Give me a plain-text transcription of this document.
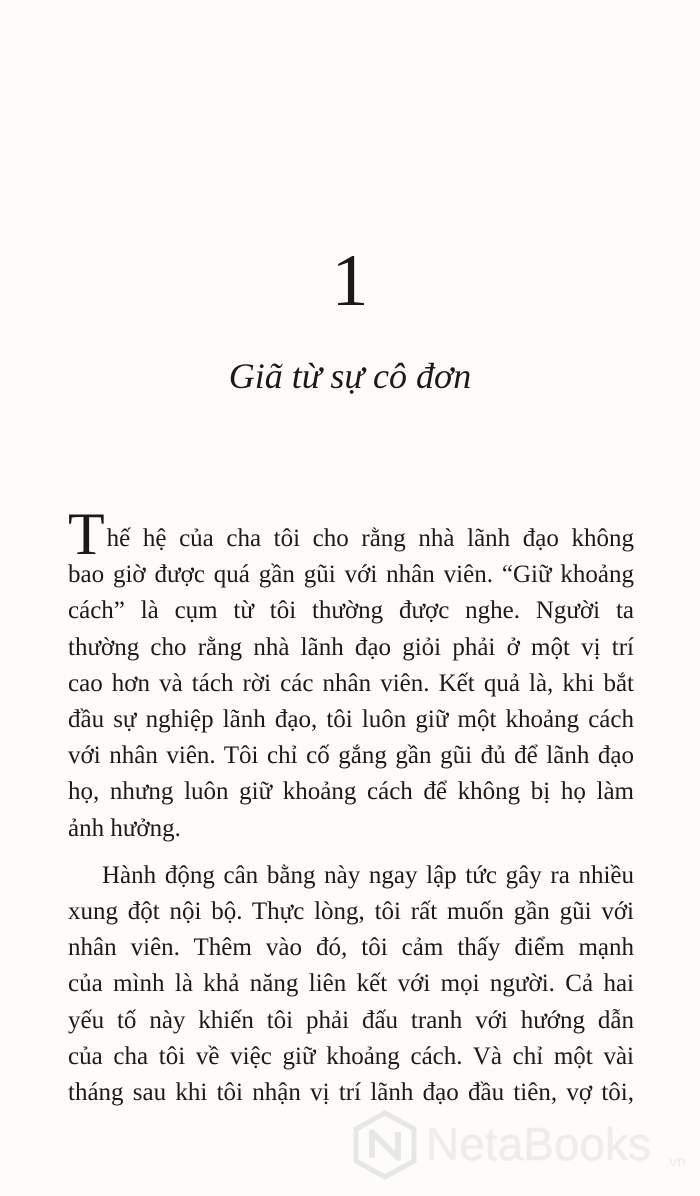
1
Giã từ sự cô đơn
Thế hệ của cha tôi cho rằng nhà lãnh đạo không
bao giờ được quá gần gũi với nhân viên. “Giữ khoảng
cách” là cụm từ tôi thường được nghe. Người ta
thường cho rằng nhà lãnh đạo giỏi phải ở một vị trí
cao hơn và tách rời các nhân viên. Kết quả là, khi bắt
đầu sự nghiệp lãnh đạo, tôi luôn giữ một khoảng cách
với nhân viên. Tôi chỉ cố gắng gần gũi đủ để lãnh đạo
họ, nhưng luôn giữ khoảng cách để không bị họ làm
ảnh hưởng.
Hành động cân bằng này ngay lập tức gây ra nhiều
xung đột nội bộ. Thực lòng, tôi rất muốn gần gũi với
nhân viên. Thêm vào đó, tôi cảm thấy điểm mạnh
của mình là khả năng liên kết với mọi người. Cả hai
yếu tố này khiến tôi phải đấu tranh với hướng dẫn
của cha tôi về việc giữ khoảng cách. Và chỉ một vài
tháng sau khi tôi nhận vị trí lãnh đạo đầu tiên, vợ tôi,
NetaBooks .vn
